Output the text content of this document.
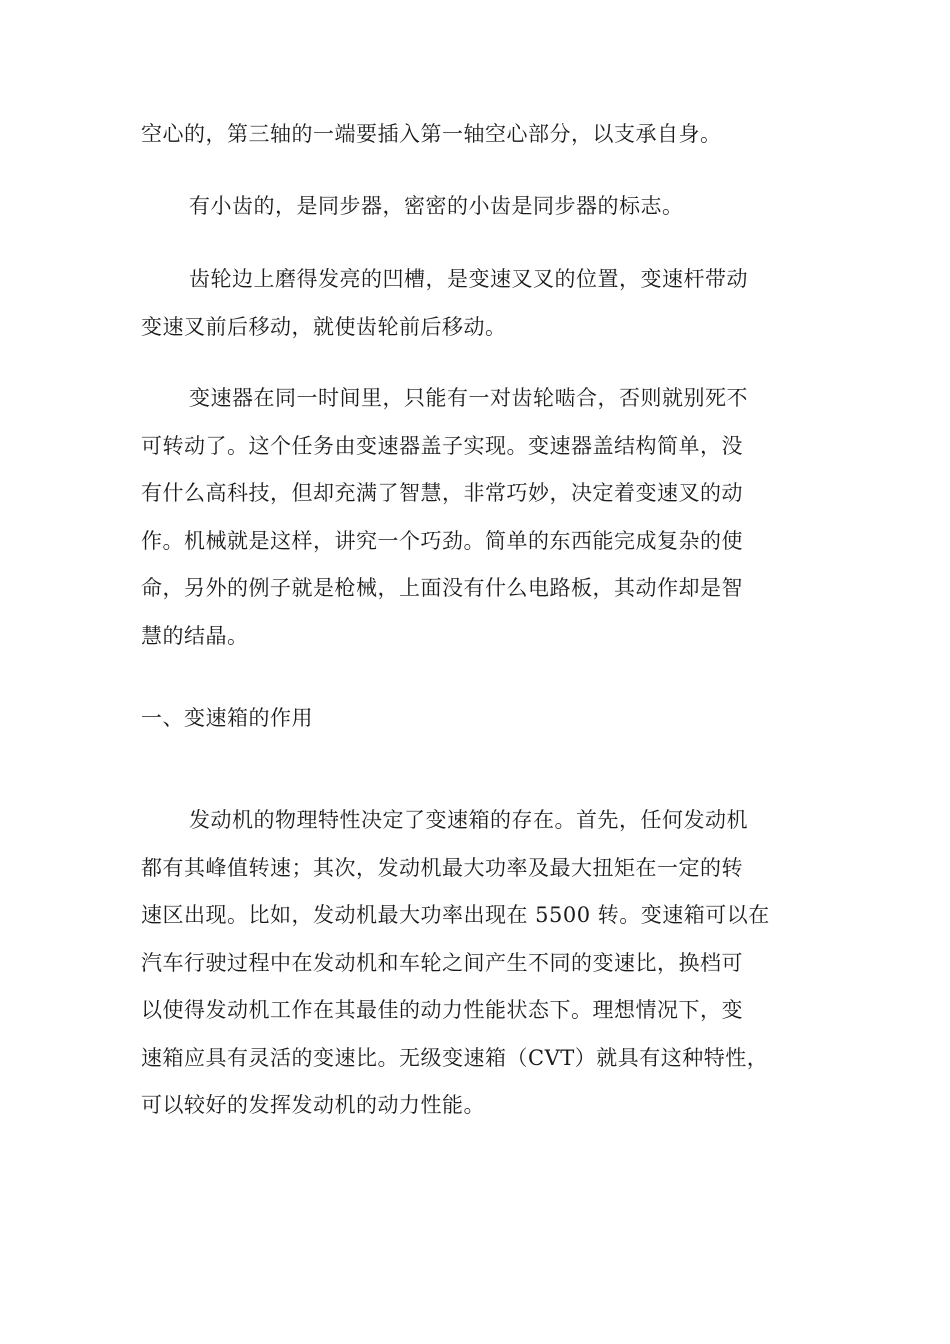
空心的，第三轴的一端要插入第一轴空心部分，以支承自身。
有小齿的，是同步器，密密的小齿是同步器的标志。
齿轮边上磨得发亮的凹槽，是变速叉叉的位置，变速杆带动
变速叉前后移动，就使齿轮前后移动。
变速器在同一时间里，只能有一对齿轮啮合，否则就别死不
可转动了。这个任务由变速器盖子实现。变速器盖结构简单，没
有什么高科技，但却充满了智慧，非常巧妙，决定着变速叉的动
作。机械就是这样，讲究一个巧劲。简单的东西能完成复杂的使
命，另外的例子就是枪械，上面没有什么电路板，其动作却是智
慧的结晶。
一、变速箱的作用
发动机的物理特性决定了变速箱的存在。首先，任何发动机
都有其峰值转速；其次，发动机最大功率及最大扭矩在一定的转
速区出现。比如，发动机最大功率出现在 5500 转。变速箱可以在
汽车行驶过程中在发动机和车轮之间产生不同的变速比，换档可
以使得发动机工作在其最佳的动力性能状态下。理想情况下，变
速箱应具有灵活的变速比。无级变速箱（CVT）就具有这种特性，
可以较好的发挥发动机的动力性能。
